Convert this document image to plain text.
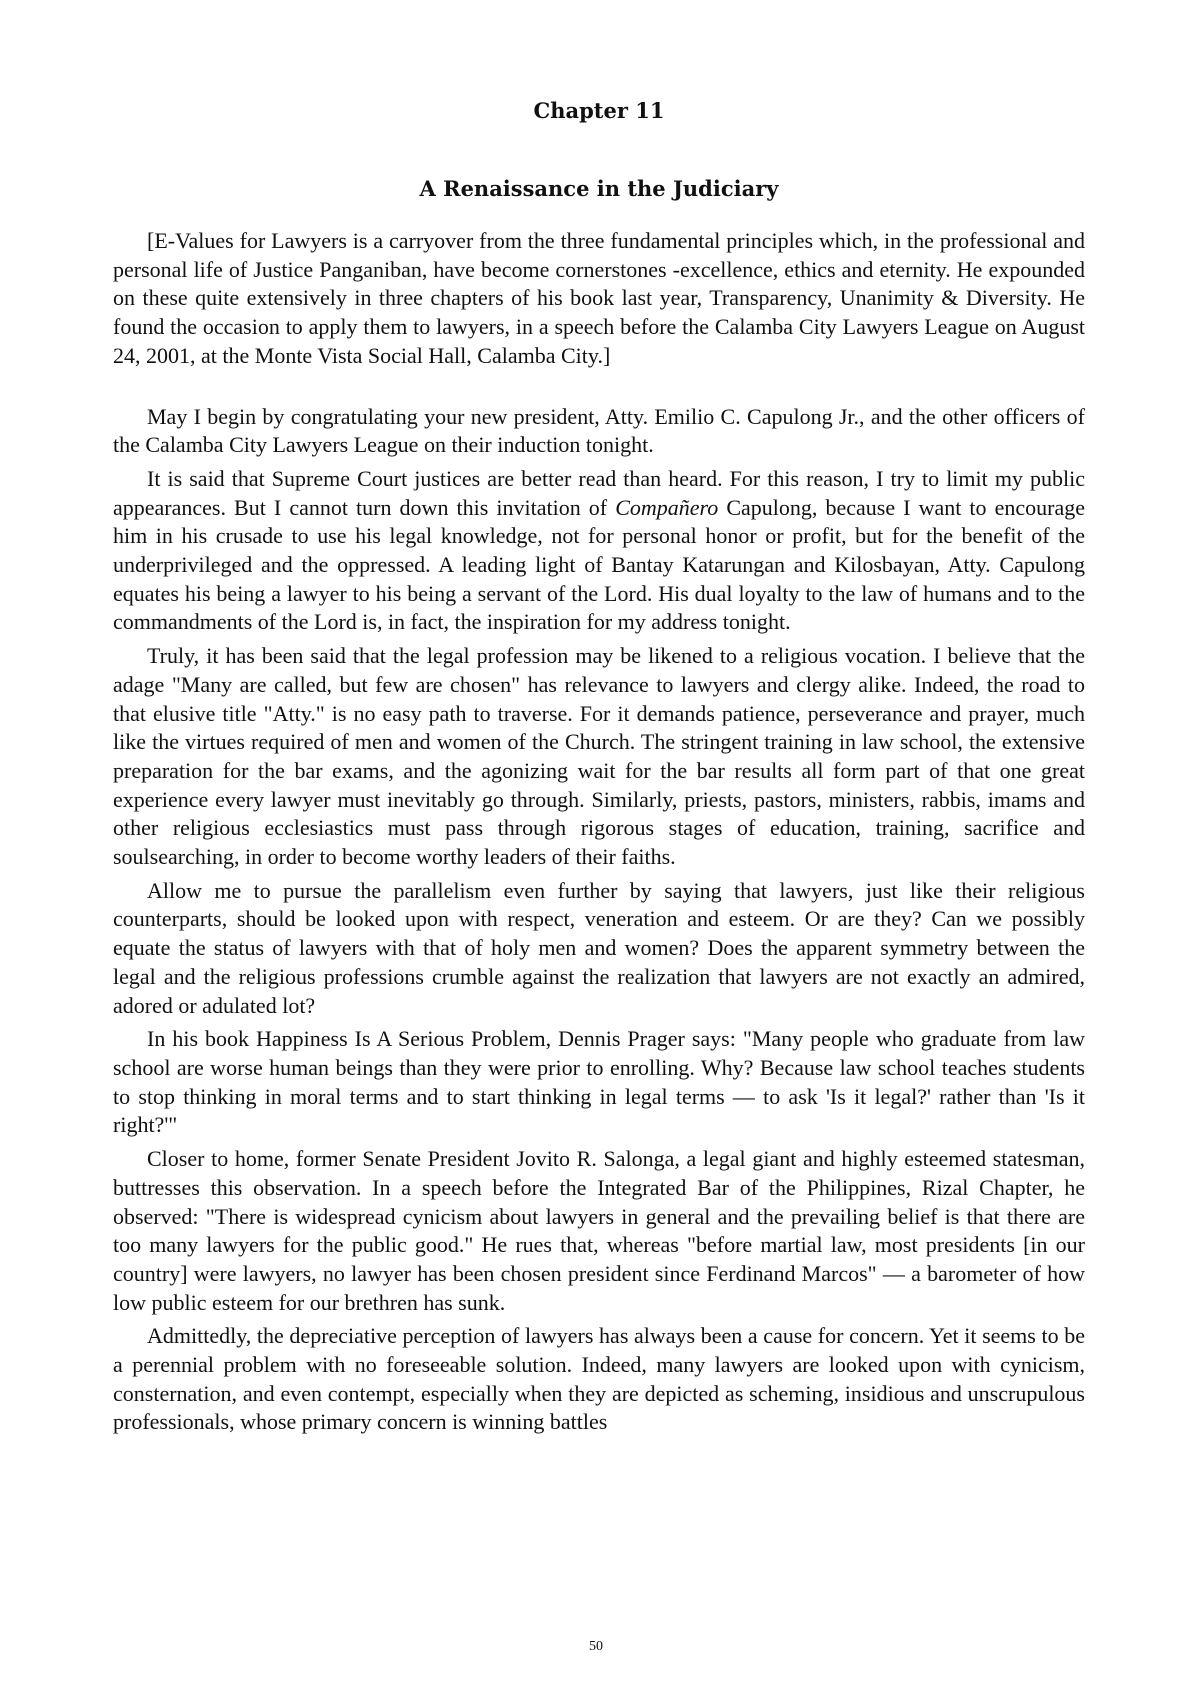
Chapter 11
A Renaissance in the Judiciary

[E-Values for Lawyers is a carryover from the three fundamental principles which, in the professional and personal life of Justice Panganiban, have become cornerstones -excellence, ethics and eternity. He expounded on these quite extensively in three chapters of his book last year, Transparency, Unanimity & Diversity. He found the occasion to apply them to lawyers, in a speech before the Calamba City Lawyers League on August 24, 2001, at the Monte Vista Social Hall, Calamba City.]

May I begin by congratulating your new president, Atty. Emilio C. Capulong Jr., and the other officers of the Calamba City Lawyers League on their induction tonight.

It is said that Supreme Court justices are better read than heard. For this reason, I try to limit my public appearances. But I cannot turn down this invitation of Compañero Capulong, because I want to encourage him in his crusade to use his legal knowledge, not for personal honor or profit, but for the benefit of the underprivileged and the oppressed. A leading light of Bantay Katarungan and Kilosbayan, Atty. Capulong equates his being a lawyer to his being a servant of the Lord. His dual loyalty to the law of humans and to the commandments of the Lord is, in fact, the inspiration for my address tonight.

Truly, it has been said that the legal profession may be likened to a religious vocation. I believe that the adage "Many are called, but few are chosen" has relevance to lawyers and clergy alike. Indeed, the road to that elusive title "Atty." is no easy path to traverse. For it demands patience, perseverance and prayer, much like the virtues required of men and women of the Church. The stringent training in law school, the extensive preparation for the bar exams, and the agonizing wait for the bar results all form part of that one great experience every lawyer must inevitably go through. Similarly, priests, pastors, ministers, rabbis, imams and other religious ecclesiastics must pass through rigorous stages of education, training, sacrifice and soulsearching, in order to become worthy leaders of their faiths.

Allow me to pursue the parallelism even further by saying that lawyers, just like their religious counterparts, should be looked upon with respect, veneration and esteem. Or are they? Can we possibly equate the status of lawyers with that of holy men and women? Does the apparent symmetry between the legal and the religious professions crumble against the realization that lawyers are not exactly an admired, adored or adulated lot?

In his book Happiness Is A Serious Problem, Dennis Prager says: "Many people who graduate from law school are worse human beings than they were prior to enrolling. Why? Because law school teaches students to stop thinking in moral terms and to start thinking in legal terms — to ask 'Is it legal?' rather than 'Is it right?'"

Closer to home, former Senate President Jovito R. Salonga, a legal giant and highly esteemed statesman, buttresses this observation. In a speech before the Integrated Bar of the Philippines, Rizal Chapter, he observed: "There is widespread cynicism about lawyers in general and the prevailing belief is that there are too many lawyers for the public good." He rues that, whereas "before martial law, most presidents [in our country] were lawyers, no lawyer has been chosen president since Ferdinand Marcos" — a barometer of how low public esteem for our brethren has sunk.

Admittedly, the depreciative perception of lawyers has always been a cause for concern. Yet it seems to be a perennial problem with no foreseeable solution. Indeed, many lawyers are looked upon with cynicism, consternation, and even contempt, especially when they are depicted as scheming, insidious and unscrupulous professionals, whose primary concern is winning battles

50
